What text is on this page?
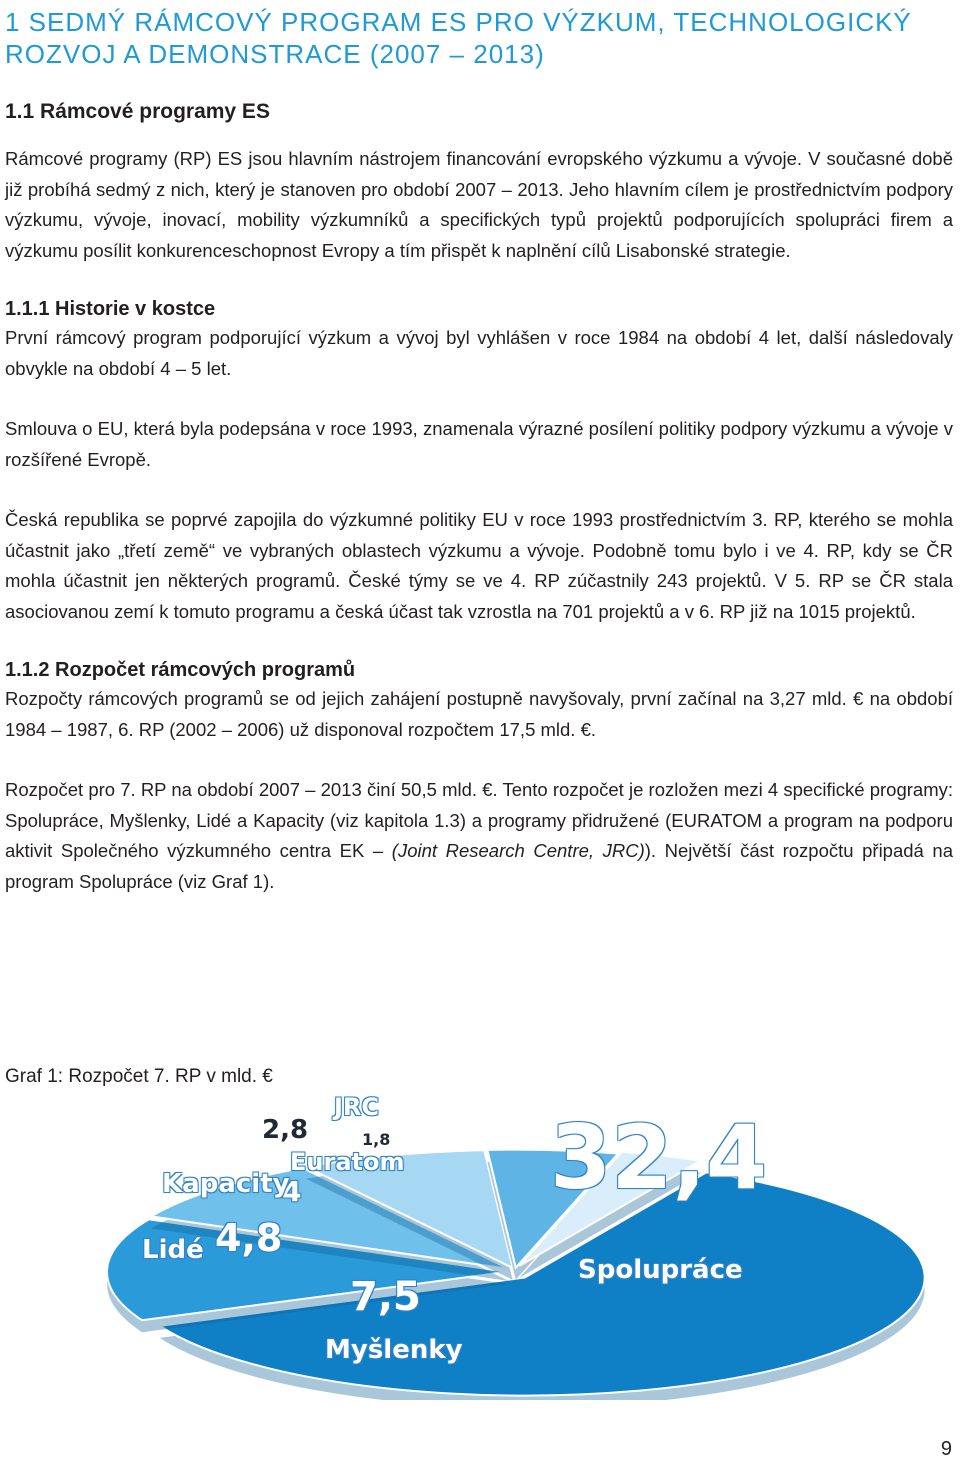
1 SEDMÝ RÁMCOVÝ PROGRAM ES PRO VÝZKUM, TECHNOLOGICKÝ
ROZVOJ A DEMONSTRACE (2007 – 2013)
1.1 Rámcové programy ES

Rámcové programy (RP) ES jsou hlavním nástrojem financování evropského výzkumu a vývoje. V současné době již probíhá sedmý z nich, který je stanoven pro období 2007 – 2013. Jeho hlavním cílem je prostřednictvím podpory výzkumu, vývoje, inovací, mobility výzkumníků a specifických typů projektů podporujících spolupráci firem a výzkumu posílit konkurenceschopnost Evropy a tím přispět k naplnění cílů Lisabonské strategie.

1.1.1 Historie v kostce

První rámcový program podporující výzkum a vývoj byl vyhlášen v roce 1984 na období 4 let, další následovaly obvykle na období 4 – 5 let.

Smlouva o EU, která byla podepsána v roce 1993, znamenala výrazné posílení politiky podpory výzkumu a vývoje v rozšířené Evropě.

Česká republika se poprvé zapojila do výzkumné politiky EU v roce 1993 prostřednictvím 3. RP, kterého se mohla účastnit jako „třetí země“ ve vybraných oblastech výzkumu a vývoje. Podobně tomu bylo i ve 4. RP, kdy se ČR mohla účastnit jen některých programů. České týmy se ve 4. RP zúčastnily 243 projektů. V 5. RP se ČR stala asociovanou zemí k tomuto programu a česká účast tak vzrostla na 701 projektů a v 6. RP již na 1015 projektů.

1.1.2 Rozpočet rámcových programů

Rozpočty rámcových programů se od jejich zahájení postupně navyšovaly, první začínal na 3,27 mld. € na období 1984 – 1987, 6. RP (2002 – 2006) už disponoval rozpočtem 17,5 mld. €.

Rozpočet pro 7. RP na období 2007 – 2013 činí 50,5 mld. €. Tento rozpočet je rozložen mezi 4 specifické programy: Spolupráce, Myšlenky, Lidé a Kapacity (viz kapitola 1.3) a programy přidružené (EURATOM a program na podporu aktivit Společného výzkumného centra EK – (Joint Research Centre, JRC)). Největší část rozpočtu připadá na program Spolupráce (viz Graf 1).

Graf 1: Rozpočet 7. RP v mld. €
32,4
Spolupráce
7,5
Myšlenky
4,8
Lidé
4
Kapacity
2,8
Euratom
1,8
JRC
9
